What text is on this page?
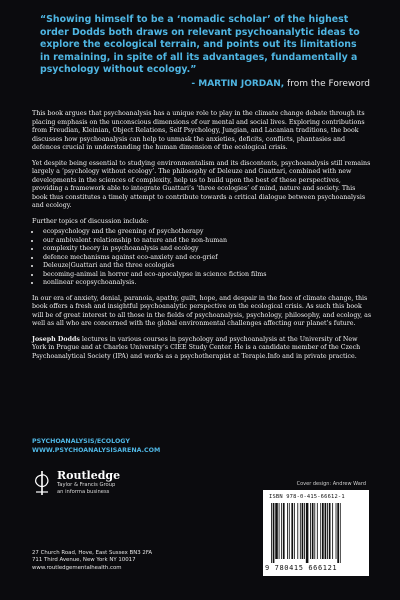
“Showing himself to be a ‘nomadic scholar’ of the highest order Dodds both draws on relevant psychoanalytic ideas to explore the ecological terrain, and points out its limitations in remaining, in spite of all its advantages, fundamentally a psychology without ecology.”

- MARTIN JORDAN, from the Foreword

This book argues that psychoanalysis has a unique role to play in the climate change debate through its placing emphasis on the unconscious dimensions of our mental and social lives. Exploring contributions from Freudian, Kleinian, Object Relations, Self Psychology, Jungian, and Lacanian traditions, the book discusses how psychoanalysis can help to unmask the anxieties, deficits, conflicts, phantasies and defences crucial in understanding the human dimension of the ecological crisis.

Yet despite being essential to studying environmentalism and its discontents, psychoanalysis still remains largely a ‘psychology without ecology’. The philosophy of Deleuze and Guattari, combined with new developments in the sciences of complexity, help us to build upon the best of these perspectives, providing a framework able to integrate Guattari’s ‘three ecologies’ of mind, nature and society. This book thus constitutes a timely attempt to contribute towards a critical dialogue between psychoanalysis and ecology.

Further topics of discussion include:

• ecopsychology and the greening of psychotherapy
• our ambivalent relationship to nature and the non-human
• complexity theory in psychoanalysis and ecology
• defence mechanisms against eco-anxiety and eco-grief
• Deleuze|Guattari and the three ecologies
• becoming-animal in horror and eco-apocalypse in science fiction films
• nonlinear ecopsychoanalysis.

In our era of anxiety, denial, paranoia, apathy, guilt, hope, and despair in the face of climate change, this book offers a fresh and insightful psychoanalytic perspective on the ecological crisis. As such this book will be of great interest to all those in the fields of psychoanalysis, psychology, philosophy, and ecology, as well as all who are concerned with the global environmental challenges affecting our planet’s future.

Joseph Dodds lectures in various courses in psychology and psychoanalysis at the University of New York in Prague and at Charles University’s CIEE Study Center. He is a candidate member of the Czech Psychoanalytical Society (IPA) and works as a psychotherapist at Terapie.Info and in private practice.

PSYCHOANALYSIS/ECOLOGY
WWW.PSYCHOANALYSISARENA.COM
Routledge
Taylor & Francis Group
an informa business
27 Church Road, Hove, East Sussex BN3 2FA
711 Third Avenue, New York NY 10017
www.routledgementalhealth.com
Cover design: Andrew Ward
ISBN 978-0-415-66612-1
9 780415 666121
